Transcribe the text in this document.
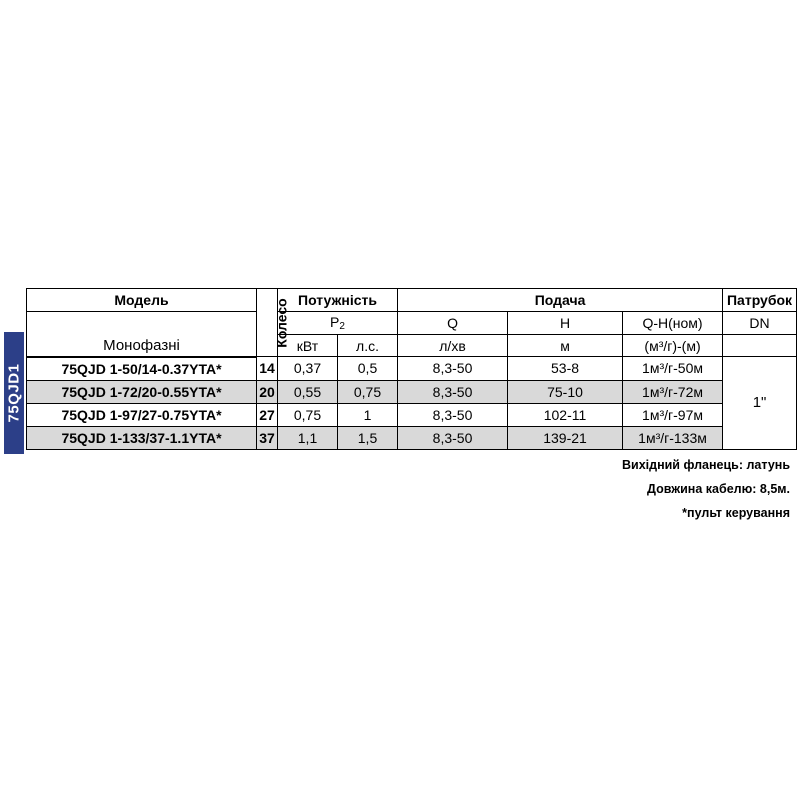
75QJD1
Модель	Колесо	Потужність		Подача			Патрубок

Монофазні		$P_2$		Q	H	Q-H(ном)	DN
		кВт	л.с.	л/хв	м	(м³/г)-(м)	
75QJD 1-50/14-0.37YTA*	14	0,37	0,5	8,3-50	53-8	1м³/г-50м	1"
75QJD 1-72/20-0.55YTA*	20	0,55	0,75	8,3-50	75-10	1м³/г-72м	
75QJD 1-97/27-0.75YTA*	27	0,75	1	8,3-50	102-11	1м³/г-97м	
75QJD 1-133/37-1.1YTA*	37	1,1	1,5	8,3-50	139-21	1м³/г-133м	
Вихідний фланець: латунь
Довжина кабелю: 8,5м.
*пульт керування
